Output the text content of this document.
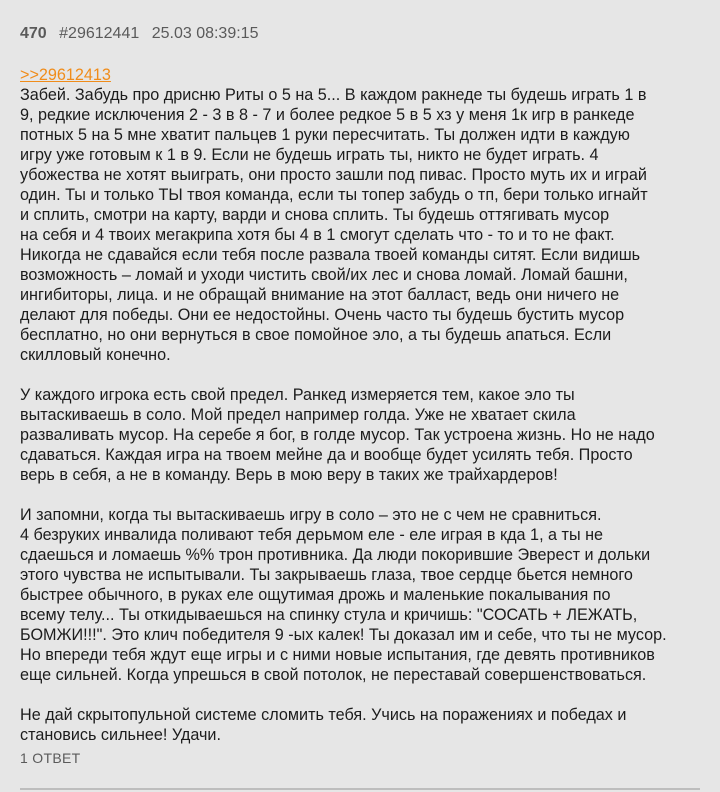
470 #29612441 25.03 08:39:15
>>29612413
Забей. Забудь про дрисню Риты о 5 на 5... В каждом ракнеде ты будешь играть 1 в
9, редкие исключения 2 - 3 в 8 - 7 и более редкое 5 в 5 хз у меня 1к игр в ранкеде
потных 5 на 5 мне хватит пальцев 1 руки пересчитать. Ты должен идти в каждую
игру уже готовым к 1 в 9. Если не будешь играть ты, никто не будет играть. 4
убожества не хотят выиграть, они просто зашли под пивас. Просто муть их и играй
один. Ты и только ТЫ твоя команда, если ты топер забудь о тп, бери только игнайт
и сплить, смотри на карту, варди и снова сплить. Ты будешь оттягивать мусор
на себя и 4 твоих мегакрипа хотя бы 4 в 1 смогут сделать что - то и то не факт.
Никогда не сдавайся если тебя после развала твоей команды ситят. Если видишь
возможность – ломай и уходи чистить свой/их лес и снова ломай. Ломай башни,
ингибиторы, лица. и не обращай внимание на этот балласт, ведь они ничего не
делают для победы. Они ее недостойны. Очень часто ты будешь бустить мусор
бесплатно, но они вернуться в свое помойное эло, а ты будешь апаться. Если
скилловый конечно.
У каждого игрока есть свой предел. Ранкед измеряется тем, какое эло ты
вытаскиваешь в соло. Мой предел например голда. Уже не хватает скила
разваливать мусор. На серебе я бог, в голде мусор. Так устроена жизнь. Но не надо
сдаваться. Каждая игра на твоем мейне да и вообще будет усилять тебя. Просто
верь в себя, а не в команду. Верь в мою веру в таких же трайхардеров!
И запомни, когда ты вытаскиваешь игру в соло – это не с чем не сравниться.
4 безруких инвалида поливают тебя дерьмом еле - еле играя в кда 1, а ты не
сдаешься и ломаешь %% трон противника. Да люди покорившие Эверест и дольки
этого чувства не испытывали. Ты закрываешь глаза, твое сердце бьется немного
быстрее обычного, в руках еле ощутимая дрожь и маленькие покалывания по
всему телу... Ты откидываешься на спинку стула и кричишь: "СОСАТЬ + ЛЕЖАТЬ,
БОМЖИ!!!". Это клич победителя 9 -ых калек! Ты доказал им и себе, что ты не мусор.
Но впереди тебя ждут еще игры и с ними новые испытания, где девять противников
еще сильней. Когда упрешься в свой потолок, не переставай совершенствоваться.
Не дай скрытопульной системе сломить тебя. Учись на поражениях и победах и
становись сильнее! Удачи.
1 ОТВЕТ
